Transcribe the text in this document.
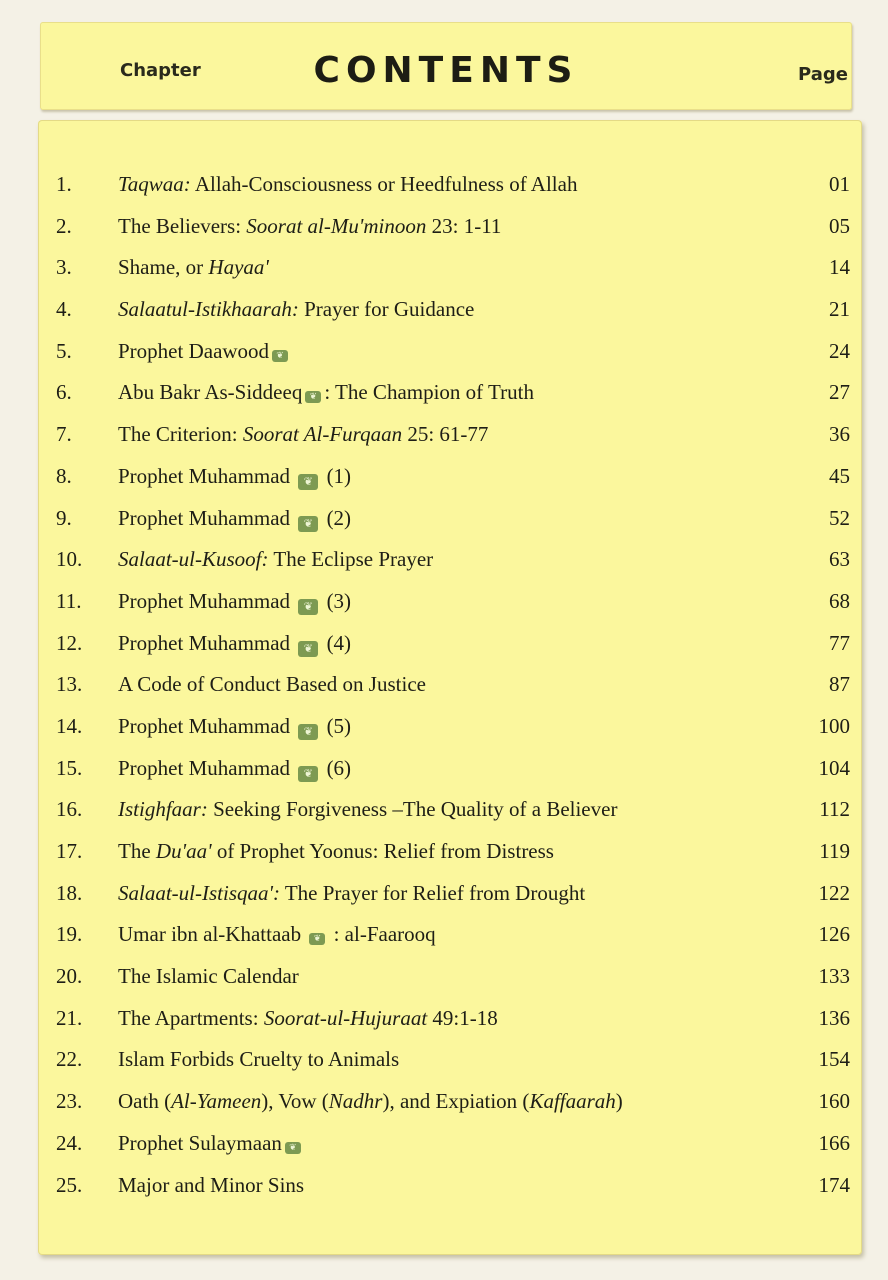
Chapter	CONTENTS	Page
1. Taqwaa: Allah-Consciousness or Heedfulness of Allah	01
2. The Believers: Soorat al-Mu'minoon 23: 1-11	05
3. Shame, or Hayaa'	14
4. Salaatul-Istikhaarah: Prayer for Guidance	21
5. Prophet Daawood ❦	24
6. Abu Bakr As-Siddeeq ❦ : The Champion of Truth	27
7. The Criterion: Soorat Al-Furqaan 25: 61-77	36
8. Prophet Muhammad ❦ (1)	45
9. Prophet Muhammad ❦ (2)	52
10. Salaat-ul-Kusoof: The Eclipse Prayer	63
11. Prophet Muhammad ❦ (3)	68
12. Prophet Muhammad ❦ (4)	77
13. A Code of Conduct Based on Justice	87
14. Prophet Muhammad ❦ (5)	100
15. Prophet Muhammad ❦ (6)	104
16. Istighfaar: Seeking Forgiveness –The Quality of a Believer	112
17. The Du'aa' of Prophet Yoonus: Relief from Distress	119
18. Salaat-ul-Istisqaa': The Prayer for Relief from Drought	122
19. Umar ibn al-Khattaab ❦ : al-Faarooq	126
20. The Islamic Calendar	133
21. The Apartments: Soorat-ul-Hujuraat 49:1-18	136
22. Islam Forbids Cruelty to Animals	154
23. Oath (Al-Yameen), Vow (Nadhr), and Expiation (Kaffaarah)	160
24. Prophet Sulaymaan ❦	166
25. Major and Minor Sins	174
